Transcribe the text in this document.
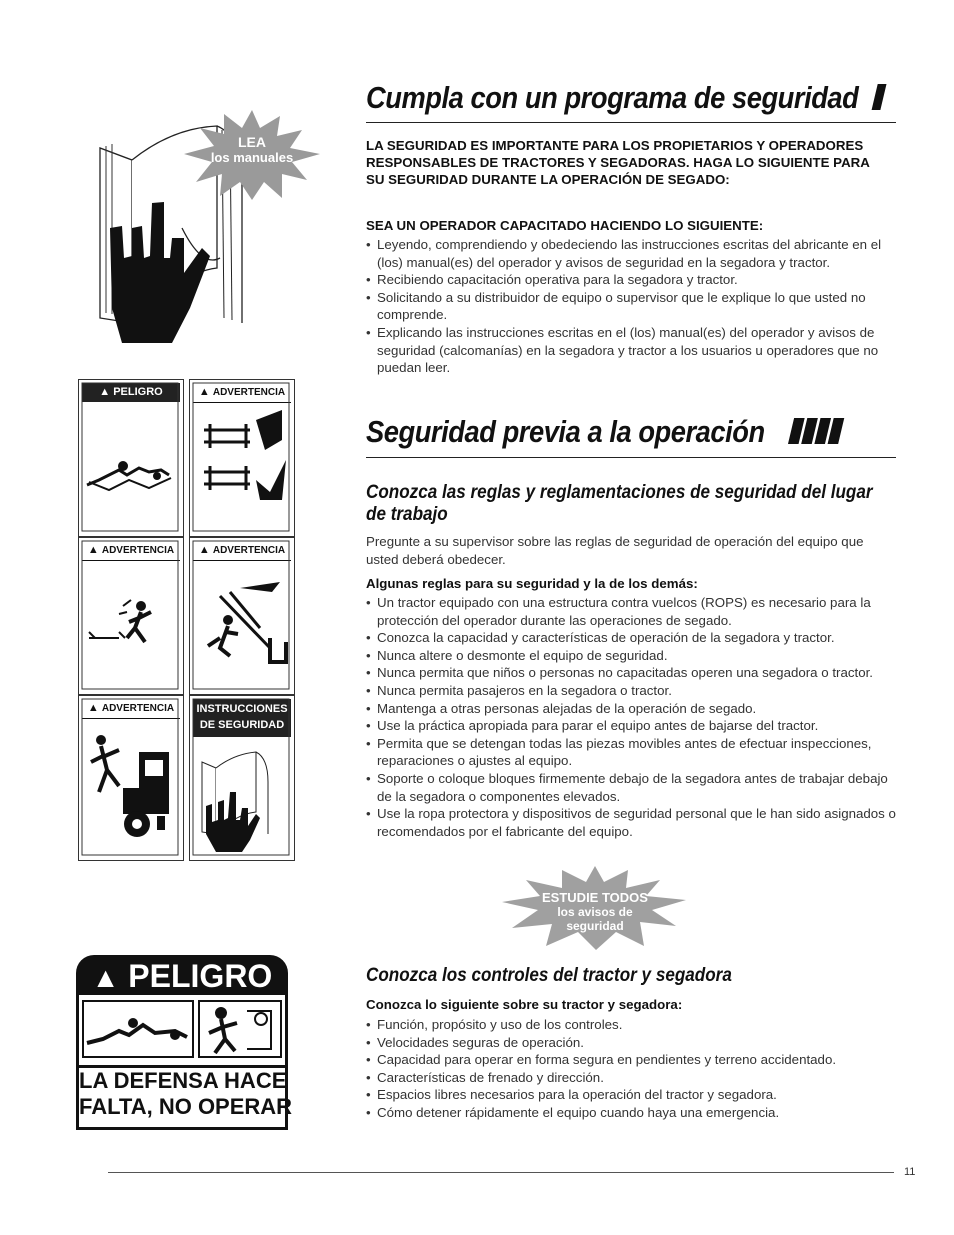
LEA
los manuales
▲ PELIGRO	▲ ADVERTENCIA
▲ ADVERTENCIA	▲ ADVERTENCIA
▲ ADVERTENCIA	INSTRUCCIONES
DE SEGURIDAD
▲ PELIGRO
LA DEFENSA HACE
FALTA, NO OPERAR
Cumpla con un programa de seguridad
LA SEGURIDAD ES IMPORTANTE PARA LOS PROPIETARIOS Y OPERADORES RESPONSABLES DE TRACTORES Y SEGADORAS. HAGA LO SIGUIENTE PARA SU SEGURIDAD DURANTE LA OPERACIÓN DE SEGADO:
SEA UN OPERADOR CAPACITADO HACIENDO LO SIGUIENTE:
• Leyendo, comprendiendo y obedeciendo las instrucciones escritas del abricante en el (los) manual(es) del operador y avisos de seguridad en la segadora y tractor.
• Recibiendo capacitación operativa para la segadora y tractor.
• Solicitando a su distribuidor de equipo o supervisor que le explique lo que usted no comprende.
• Explicando las instrucciones escritas en el (los) manual(es) del operador y avisos de seguridad (calcomanías) en la segadora y tractor a los usuarios u operadores que no puedan leer.
Seguridad previa a la operación
Conozca las reglas y reglamentaciones de seguridad del lugar de trabajo
Pregunte a su supervisor sobre las reglas de seguridad de operación del equipo que usted deberá obedecer.
Algunas reglas para su seguridad y la de los demás:
• Un tractor equipado con una estructura contra vuelcos (ROPS) es necesario para la protección del operador durante las operaciones de segado.
• Conozca la capacidad y características de operación de la segadora y tractor.
• Nunca altere o desmonte el equipo de seguridad.
• Nunca permita que niños o personas no capacitadas operen una segadora o tractor.
• Nunca permita pasajeros en la segadora o tractor.
• Mantenga a otras personas alejadas de la operación de segado.
• Use la práctica apropiada para parar el equipo antes de bajarse del tractor.
• Permita que se detengan todas las piezas movibles antes de efectuar inspecciones, reparaciones o ajustes al equipo.
• Soporte o coloque bloques firmemente debajo de la segadora antes de trabajar debajo de la segadora o componentes elevados.
• Use la ropa protectora y dispositivos de seguridad personal que le han sido asignados o recomendados por el fabricante del equipo.
ESTUDIE TODOS
los avisos de
seguridad
Conozca los controles del tractor y segadora
Conozca lo siguiente sobre su tractor y segadora:
• Función, propósito y uso de los controles.
• Velocidades seguras de operación.
• Capacidad para operar en forma segura en pendientes y terreno accidentado.
• Características de frenado y dirección.
• Espacios libres necesarios para la operación del tractor y segadora.
• Cómo detener rápidamente el equipo cuando haya una emergencia.
11
